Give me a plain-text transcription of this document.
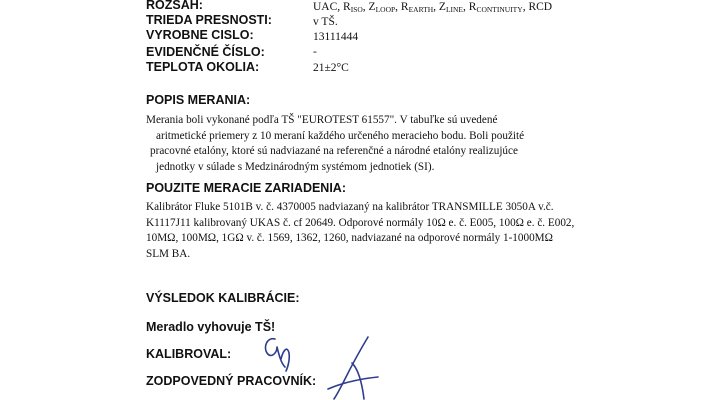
ROZSAH:	UAC, $R_{ISO}$, $Z_{LOOP}$, $R_{EARTH}$, $Z_{LINE}$, $R_{CONTINUITY}$, RCD
TRIEDA PRESNOSTI:	v TŠ.
VYROBNE CISLO:	13111444
EVIDENČNÉ ČÍSLO:	-
TEPLOTA OKOLIA:	21±2°C
POPIS MERANIA:
Merania boli vykonané podľa TŠ "EUROTEST 61557". V tabuľke sú uvedené
aritmetické priemery z 10 meraní každého určeného meracieho bodu. Boli použité
pracovné etalóny, ktoré sú nadviazané na referenčné a národné etalóny realizujúce
jednotky v súlade s Medzinárodným systémom jednotiek (SI).
POUZITE MERACIE ZARIADENIA:
Kalibrátor Fluke 5101B v. č. 4370005 nadviazaný na kalibrátor TRANSMILLE 3050A v.č.
K1117J11 kalibrovaný UKAS č. cf 20649. Odporové normály 10Ω e. č. E005, 100Ω e. č. E002,
10MΩ, 100MΩ, 1GΩ v. č. 1569, 1362, 1260, nadviazané na odporové normály 1-1000MΩ
SLM BA.
VÝSLEDOK KALIBRÁCIE:
Meradlo vyhovuje TŠ!
KALIBROVAL:
ZODPOVEDNÝ PRACOVNÍK:
